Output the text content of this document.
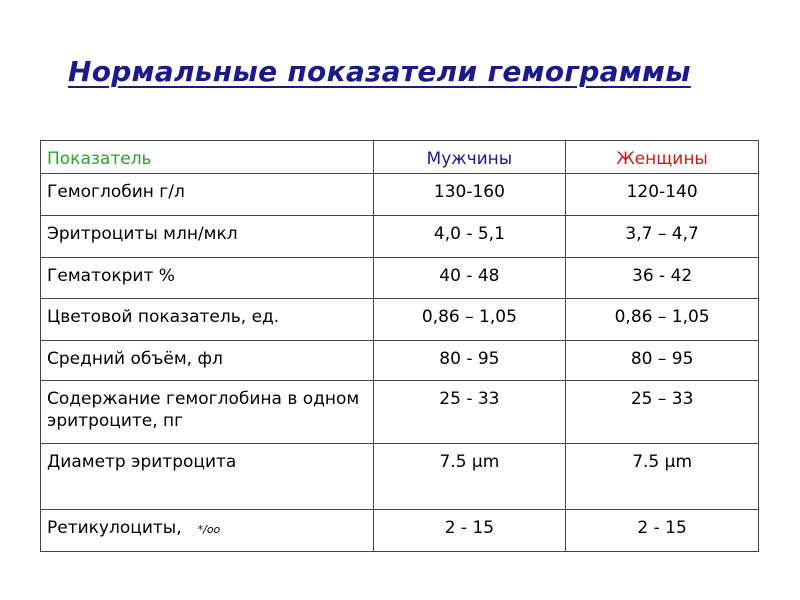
Нормальные показатели гемограммы
Показатель	Мужчины	Женщины

Гемоглобин г/л	130-160	120-140

Эритроциты млн/мкл	4,0 - 5,1	3,7 – 4,7

Гематокрит %	40 - 48	36 - 42

Цветовой показатель, ед.	0,86 – 1,05	0,86 – 1,05

Средний объём, фл	80 - 95	80 – 95

Содержание гемоглобина в одном эритроците, пг	25 - 33	25 – 33

Диаметр эритроцита	7.5 μm	7.5 μm

Ретикулоциты, */oo	2 - 15	2 - 15
